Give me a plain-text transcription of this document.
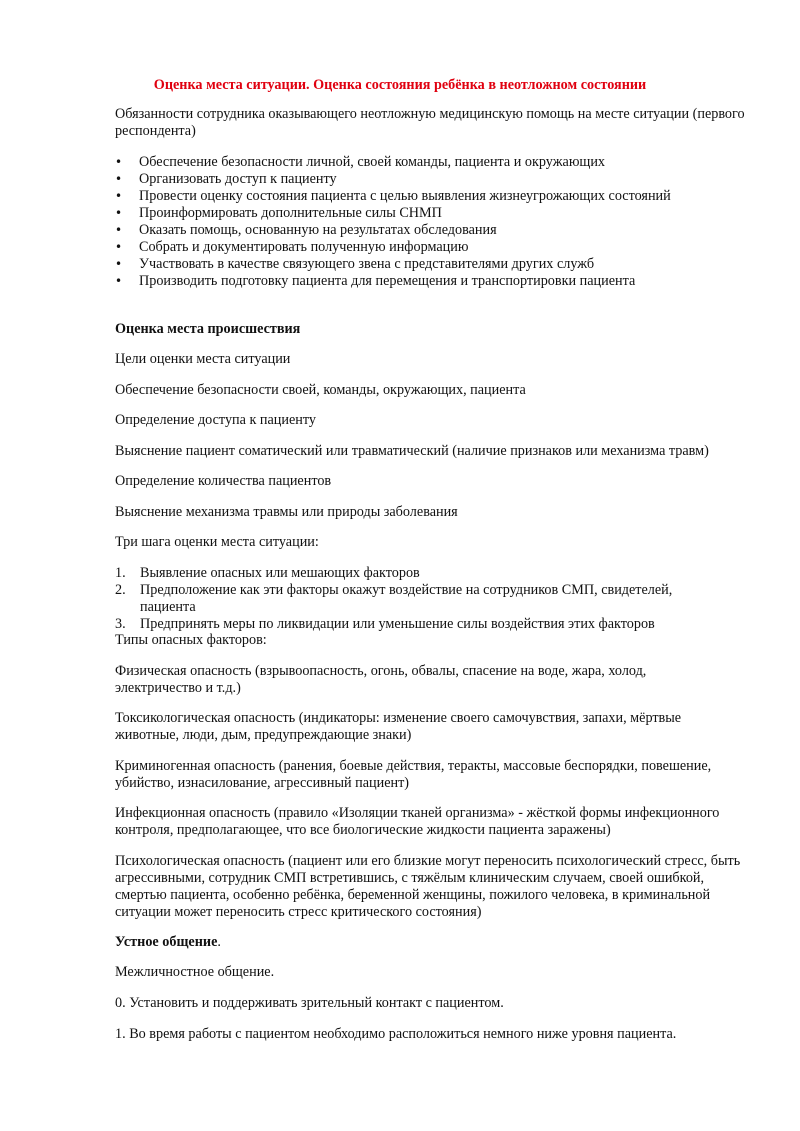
Оценка места ситуации. Оценка состояния ребёнка в неотложном состоянии
Обязанности сотрудника оказывающего неотложную медицинскую помощь на месте ситуации (первого респондента)
• Обеспечение безопасности личной, своей команды, пациента и окружающих
• Организовать доступ к пациенту
• Провести оценку состояния пациента с целью выявления жизнеугрожающих состояний
• Проинформировать дополнительные силы СНМП
• Оказать помощь, основанную на результатах обследования
• Собрать и документировать полученную информацию
• Участвовать в качестве связующего звена с представителями других служб
• Производить подготовку пациента для перемещения и транспортировки пациента
Оценка места происшествия
Цели оценки места ситуации
Обеспечение безопасности своей, команды, окружающих, пациента
Определение доступа к пациенту
Выяснение пациент соматический или травматический (наличие признаков или механизма травм)
Определение количества пациентов
Выяснение механизма травмы или природы заболевания
Три шага оценки места ситуации:
1. Выявление опасных или мешающих факторов
2. Предположение как эти факторы окажут воздействие на сотрудников СМП, свидетелей, пациента
3. Предпринять меры по ликвидации или уменьшение силы воздействия этих факторов
Типы опасных факторов:
Физическая опасность (взрывоопасность, огонь, обвалы, спасение на воде, жара, холод, электричество и т.д.)
Токсикологическая опасность (индикаторы: изменение своего самочувствия, запахи, мёртвые животные, люди, дым, предупреждающие знаки)
Криминогенная опасность (ранения, боевые действия, теракты, массовые беспорядки, повешение, убийство, изнасилование, агрессивный пациент)
Инфекционная опасность (правило «Изоляции тканей организма» - жёсткой формы инфекционного контроля, предполагающее, что все биологические жидкости пациента заражены)
Психологическая опасность (пациент или его близкие могут переносить психологический стресс, быть агрессивными, сотрудник СМП встретившись, с тяжёлым клиническим случаем, своей ошибкой, смертью пациента, особенно ребёнка, беременной женщины, пожилого человека, в криминальной ситуации может переносить стресс критического состояния)
Устное общение.
Межличностное общение.
0. Установить и поддерживать зрительный контакт с пациентом.
1. Во время работы с пациентом необходимо расположиться немного ниже уровня пациента.
